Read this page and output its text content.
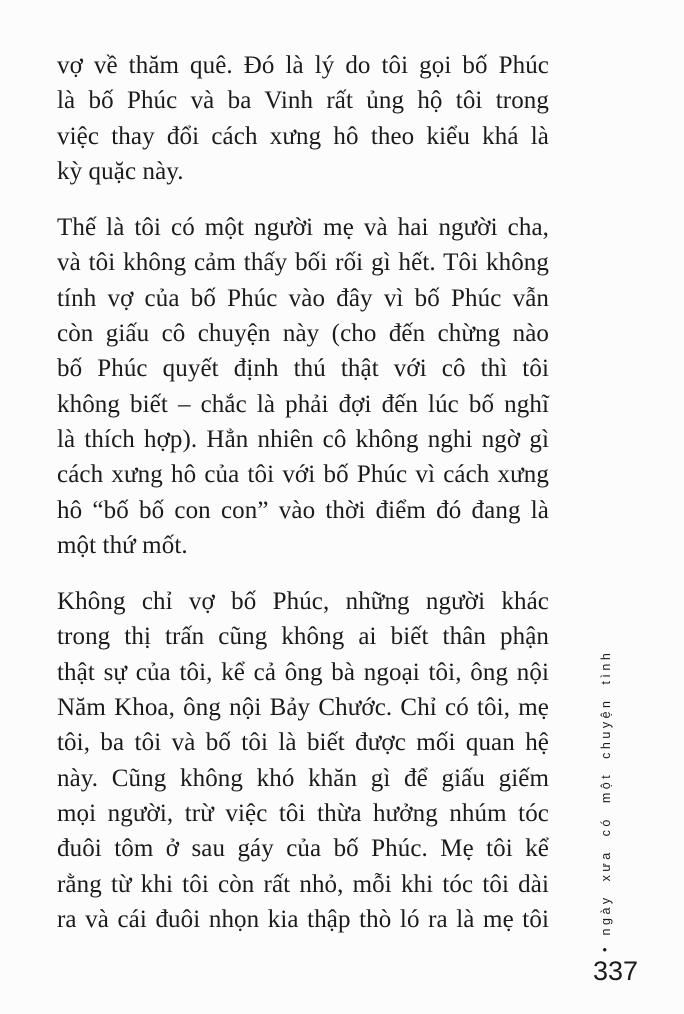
vợ về thăm quê. Đó là lý do tôi gọi bố Phúc
là bố Phúc và ba Vinh rất ủng hộ tôi trong
việc thay đổi cách xưng hô theo kiểu khá là
kỳ quặc này.

Thế là tôi có một người mẹ và hai người cha,
và tôi không cảm thấy bối rối gì hết. Tôi không
tính vợ của bố Phúc vào đây vì bố Phúc vẫn
còn giấu cô chuyện này (cho đến chừng nào
bố Phúc quyết định thú thật với cô thì tôi
không biết – chắc là phải đợi đến lúc bố nghĩ
là thích hợp). Hẳn nhiên cô không nghi ngờ gì
cách xưng hô của tôi với bố Phúc vì cách xưng
hô “bố bố con con” vào thời điểm đó đang là
một thứ mốt.

Không chỉ vợ bố Phúc, những người khác
trong thị trấn cũng không ai biết thân phận
thật sự của tôi, kể cả ông bà ngoại tôi, ông nội
Năm Khoa, ông nội Bảy Chước. Chỉ có tôi, mẹ
tôi, ba tôi và bố tôi là biết được mối quan hệ
này. Cũng không khó khăn gì để giấu giếm
mọi người, trừ việc tôi thừa hưởng nhúm tóc
đuôi tôm ở sau gáy của bố Phúc. Mẹ tôi kể
rằng từ khi tôi còn rất nhỏ, mỗi khi tóc tôi dài
ra và cái đuôi nhọn kia thập thò ló ra là mẹ tôi

•ngày xưa có một chuyện tình
337
